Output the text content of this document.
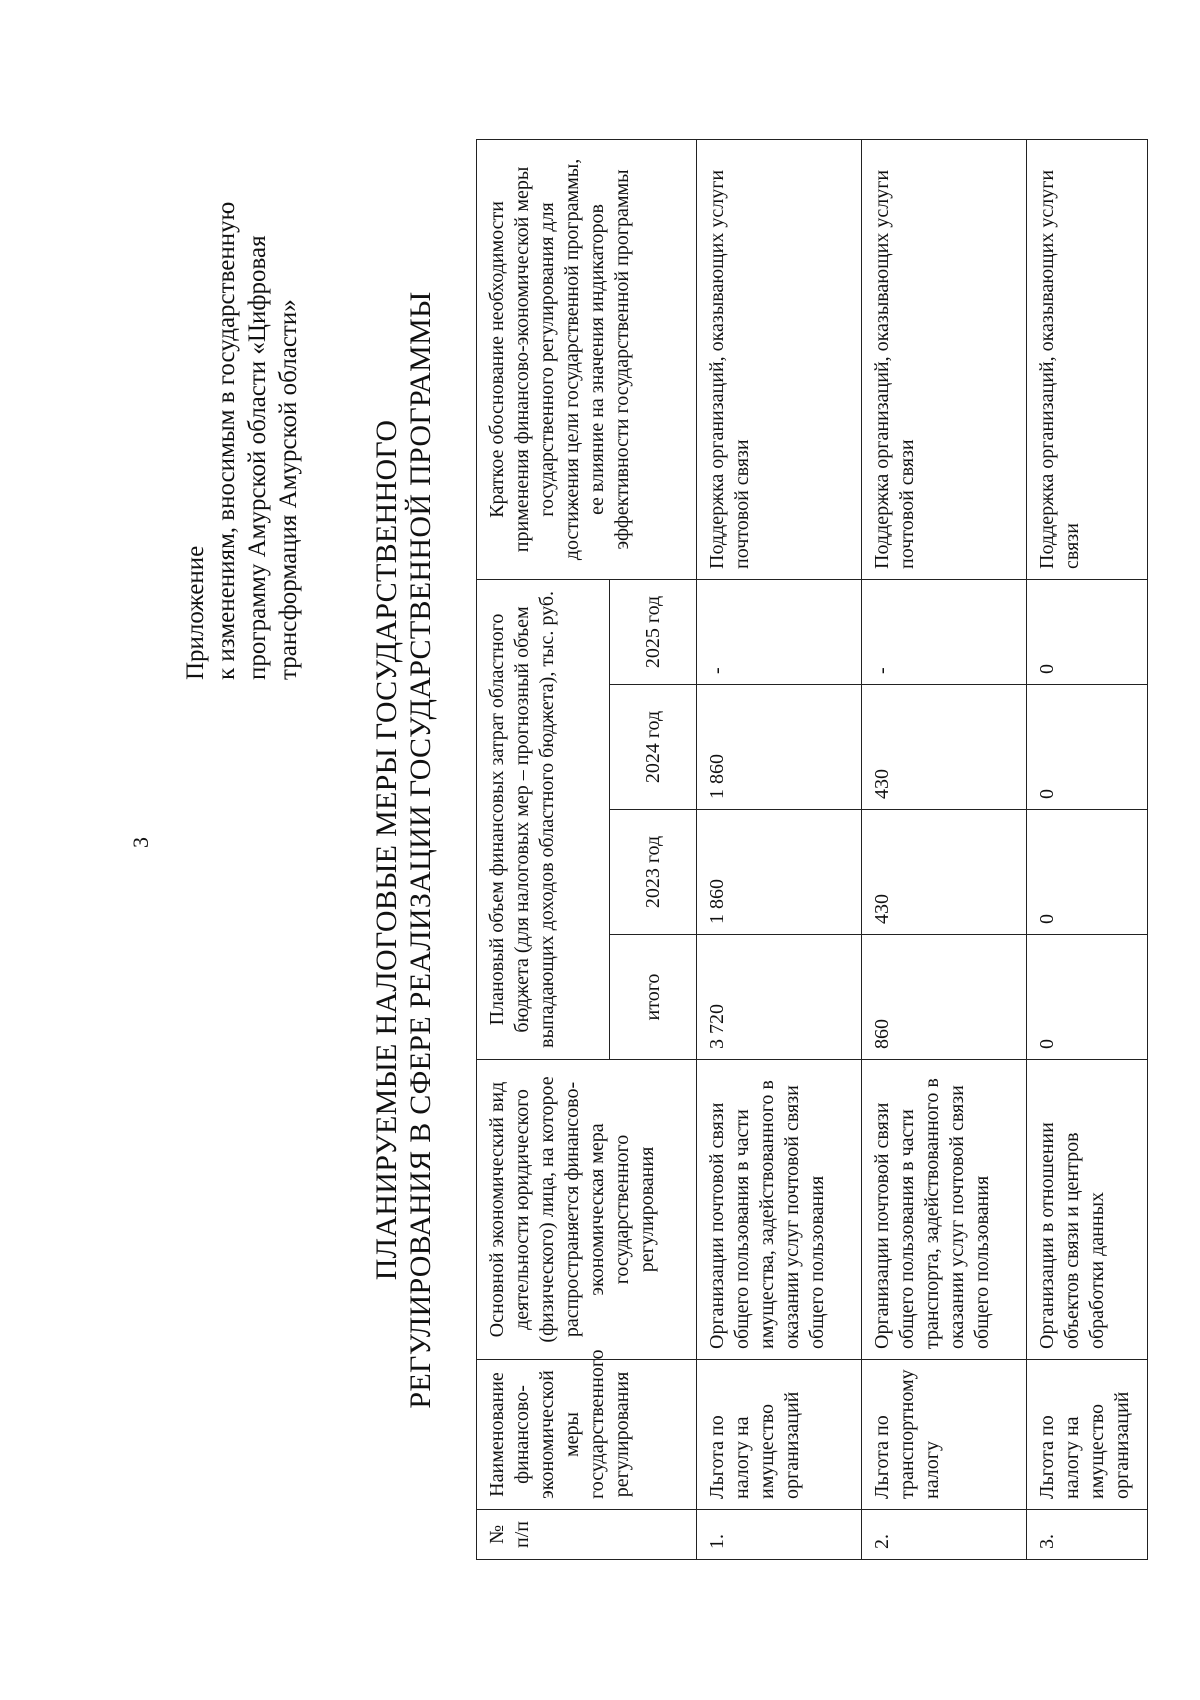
3
Приложение к изменениям, вносимым в государственную программу Амурской области «Цифровая трансформация Амурской области» ПЛАНИРУЕМЫЕ НАЛОГОВЫЕ МЕРЫ ГОСУДАРСТВЕННОГО РЕГУЛИРОВАНИЯ В СФЕРЕ РЕАЛИЗАЦИИ ГОСУДАРСТВЕННОЙ ПРОГРАММЫ
№ п/п	Наименование финансово-экономической меры государственного регулирования	Основной экономический вид деятельности юридического (физического) лица, на которое распространяется финансово-экономическая мера государственного регулирования	Плановый объем финансовых затрат областного бюджета (для налоговых мер – прогнозный объем выпадающих доходов областного бюджета), тыс. руб.				Краткое обоснование необходимости применения финансово-экономической меры государственного регулирования для достижения цели государственной программы, ее влияние на значения индикаторов эффективности государственной программы
			итого	2023 год	2024 год	2025 год	
1.	Льгота по налогу на имущество организаций	Организации почтовой связи общего пользования в части имущества, задействованного в оказании услуг почтовой связи общего пользования	3 720	1 860	1 860	-	Поддержка организаций, оказывающих услуги почтовой связи
2.	Льгота по транспортному налогу	Организации почтовой связи общего пользования в части транспорта, задействованного в оказании услуг почтовой связи общего пользования	860	430	430	-	Поддержка организаций, оказывающих услуги почтовой связи
3.	Льгота по налогу на имущество организаций	Организации в отношении объектов связи и центров обработки данных	0	0	0	0	Поддержка организаций, оказывающих услуги связи
